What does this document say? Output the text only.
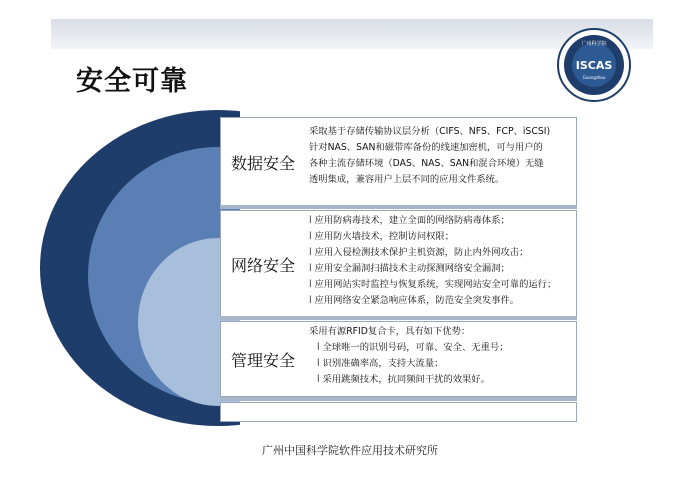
安全可靠
ISCAS
广州科学院
Guangzhou
数据安全

采取基于存储传输协议层分析（CIFS、NFS、FCP、iSCSI)

针对NAS、SAN和磁带库备份的线速加密机，可与用户的

各种主流存储环境（DAS、NAS、SAN和混合环境）无缝

透明集成，兼容用户上层不同的应用文件系统。

网络安全

l 应用防病毒技术，建立全面的网络防病毒体系；

l 应用防火墙技术，控制访问权限；

l 应用入侵检测技术保护主机资源，防止内外网攻击；

l 应用安全漏洞扫描技术主动探测网络安全漏洞；

l 应用网站实时监控与恢复系统，实现网站安全可靠的运行；

l 应用网络安全紧急响应体系，防范安全突发事件。

管理安全

采用有源RFID复合卡，具有如下优势：

l 全球唯一的识别号码，可靠、安全、无重号；

l 识别准确率高，支持大流量；

l 采用跳频技术，抗同频间干扰的效果好。

广州中国科学院软件应用技术研究所
